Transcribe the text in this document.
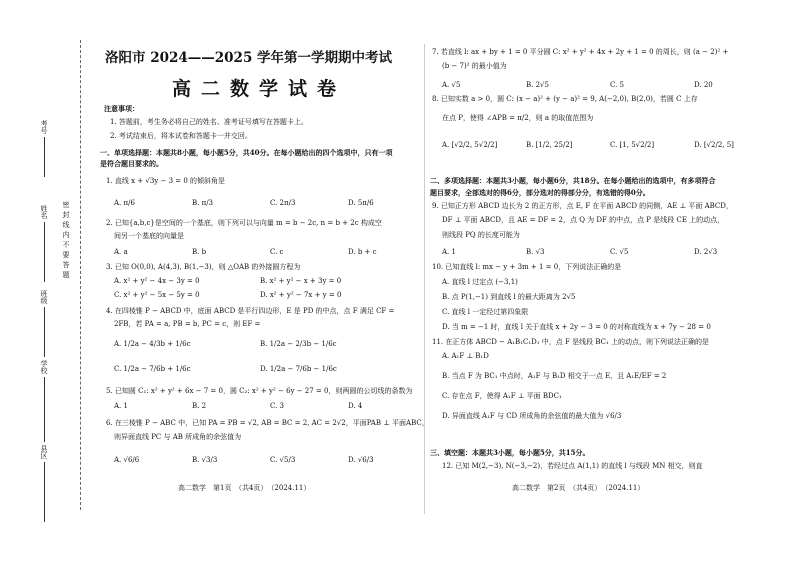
考号
姓名
班级
学校
县区
密
封
线
内
不
要
答
题
洛阳市 2024——2025 学年第一学期期中考试
高二数学试卷
注意事项：
1. 答题前，考生务必将自己的姓名、准考证号填写在答题卡上。
2. 考试结束后，将本试卷和答题卡一并交回。
一、单项选择题：本题共8小题，每小题5分，共40分。在每小题给出的四个选项中，只有一项
是符合题目要求的。
1. 直线 x + √3y − 3 = 0 的倾斜角是
A. π/6	B. π/3	C. 2π/3	D. 5π/6
2. 已知{a,b,c}是空间的一个基底，则下列可以与向量 m = b − 2c, n = b + 2c 构成空
间另一个基底的向量是
A. a	B. b	C. c	D. b + c
3. 已知 O(0,0), A(4,3), B(1,−3)，则 △OAB 的外接圆方程为
A. x² + y² − 4x − 3y = 0	B. x² + y² − x + 3y = 0
C. x² + y² − 5x − 5y = 0	D. x² + y² − 7x + y = 0
4. 在四棱锥 P − ABCD 中，底面 ABCD 是平行四边形，E 是 PD 的中点，点 F 满足 CF =
2FB，若 PA = a, PB = b, PC = c，则 EF =
A. 1/2a − 4/3b + 1/6c	B. 1/2a − 2/3b − 1/6c
C. 1/2a − 7/6b + 1/6c	D. 1/2a − 7/6b − 1/6c
5. 已知圆 C₁: x² + y² + 6x − 7 = 0，圆 C₂: x² + y² − 6y − 27 = 0，则两圆的公切线的条数为
A. 1	B. 2	C. 3	D. 4
6. 在三棱锥 P − ABC 中，已知 PA = PB = √2, AB = BC = 2, AC = 2√2，平面PAB ⊥ 平面ABC，
则异面直线 PC 与 AB 所成角的余弦值为
A. √6/6	B. √3/3	C. √5/3	D. √6/3
高二数学　第1页　（共4页）　（2024.11）
7. 若直线 l: ax + by + 1 = 0 平分圆 C: x² + y² + 4x + 2y + 1 = 0 的周长，则 (a − 2)² +
(b − 7)² 的最小值为
A. √5	B. 2√5	C. 5	D. 20
8. 已知实数 a > 0，圆 C: (x − a)² + (y − a)² = 9, A(−2,0), B(2,0)，若圆 C 上存
在点 P，使得 ∠APB = π/2，则 a 的取值范围为
A. [√2/2, 5√2/2]	B. [1/2, 25/2]	C. [1, 5√2/2]	D. [√2/2, 5]
二、多项选择题：本题共3小题，每小题6分，共18分。在每小题给出的选项中，有多项符合
题目要求，全部选对的得6分，部分选对的得部分分，有选错的得0分。
9. 已知正方形 ABCD 边长为 2 的正方形，点 E, F 在平面 ABCD 的同侧，AE ⊥ 平面 ABCD，
DF ⊥ 平面 ABCD，且 AE = DF = 2，点 Q 为 DF 的中点，点 P 是线段 CE 上的动点，
则线段 PQ 的长度可能为
A. 1	B. √3	C. √5	D. 2√3
10. 已知直线 l: mx − y + 3m + 1 = 0，下列说法正确的是
A. 直线 l 过定点 (−3,1)
B. 点 P(1,−1) 到直线 l 的最大距离为 2√5
C. 直线 l 一定经过第四象限
D. 当 m = −1 时，直线 l 关于直线 x + 2y − 3 = 0 的对称直线为 x + 7y − 28 = 0
11. 在正方体 ABCD − A₁B₁C₁D₁ 中，点 F 是线段 BC₁ 上的动点，则下列说法正确的是
A. A₁F ⊥ B₁D
B. 当点 F 为 BC₁ 中点时，A₁F 与 B₁D 相交于一点 E，且 A₁E/EF = 2
C. 存在点 F，使得 A₁F ⊥ 平面 BDC₁
D. 异面直线 A₁F 与 CD 所成角的余弦值的最大值为 √6/3
三、填空题：本题共3小题，每小题5分，共15分。
12. 已知 M(2,−3), N(−3,−2)，若经过点 A(1,1) 的直线 l 与线段 MN 相交，则直
高二数学　第2页　（共4页）　（2024.11）
